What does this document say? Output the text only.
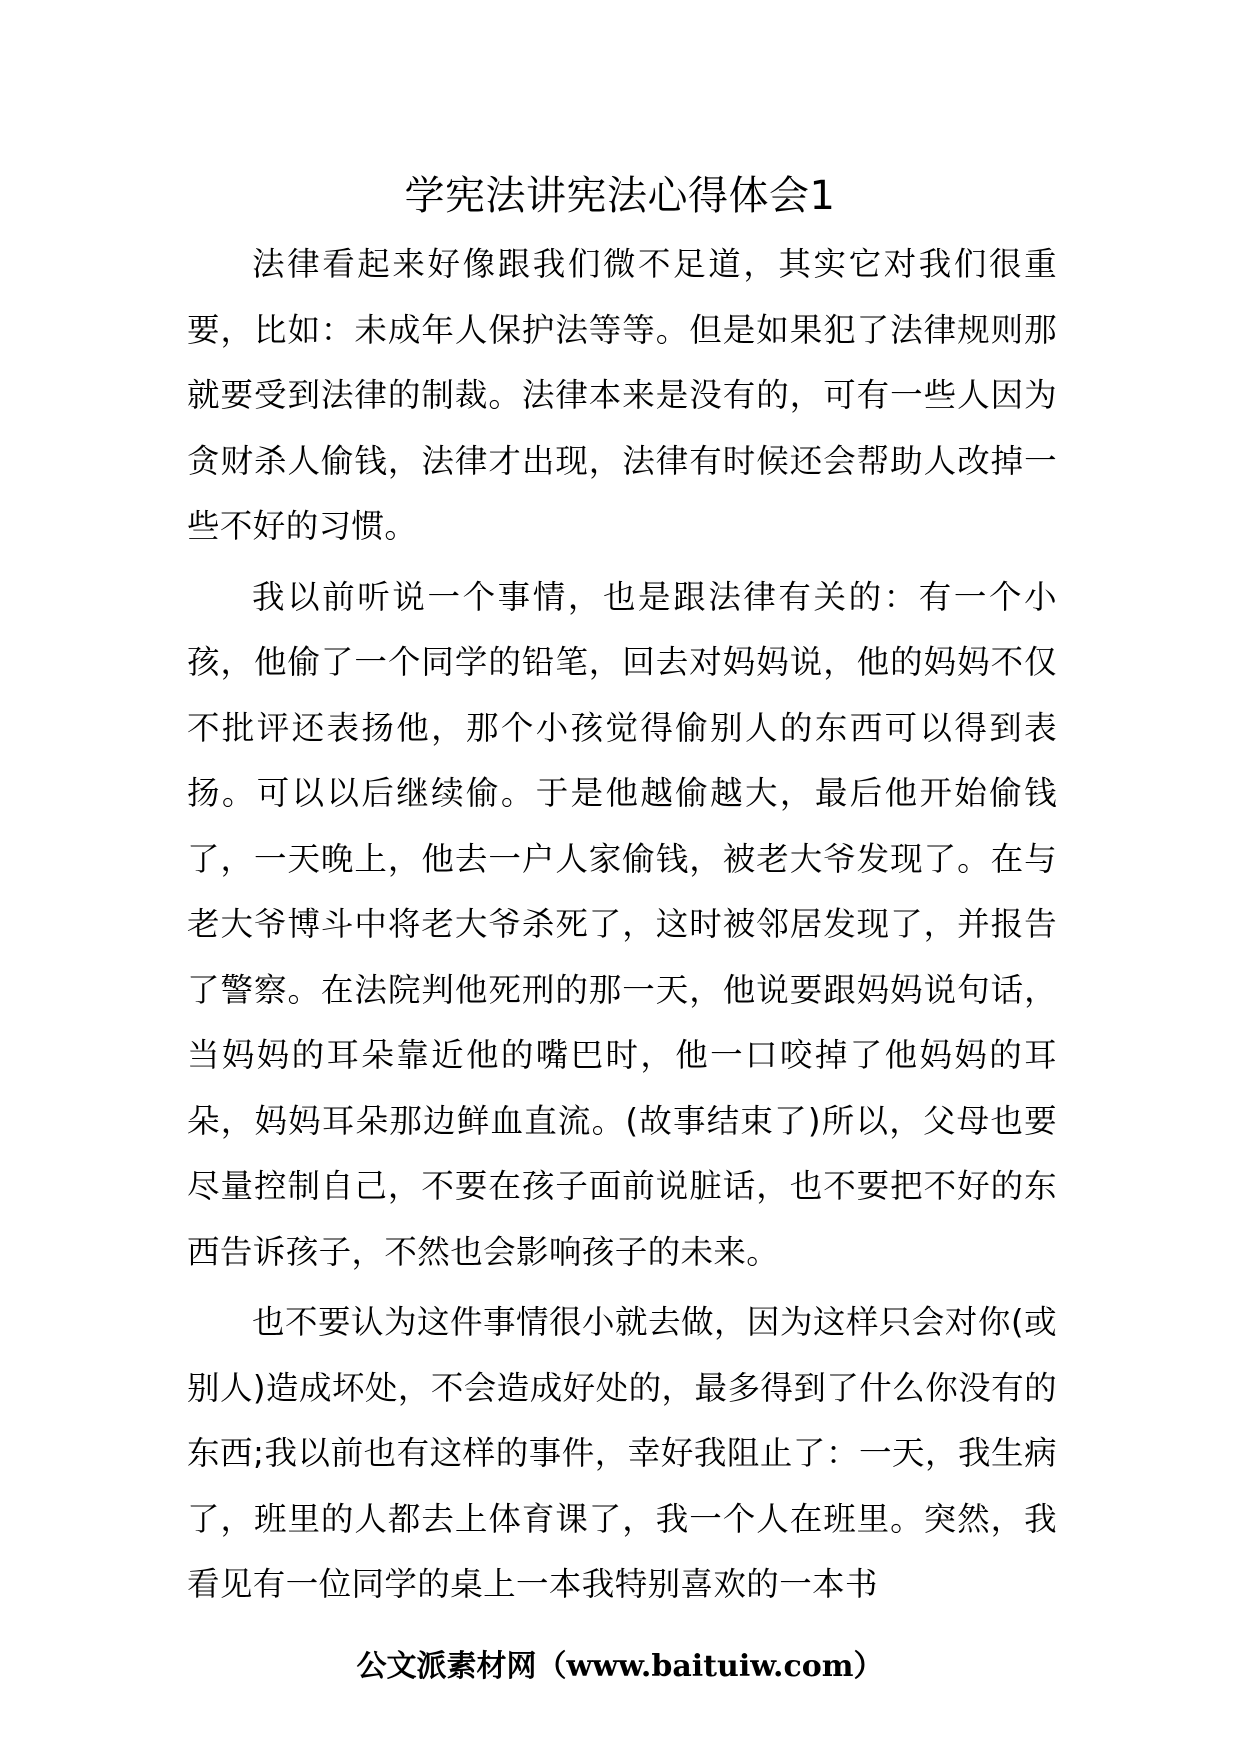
学宪法讲宪法心得体会1

法律看起来好像跟我们微不足道，其实它对我们很重要，比如：未成年人保护法等等。但是如果犯了法律规则那就要受到法律的制裁。法律本来是没有的，可有一些人因为贪财杀人偷钱，法律才出现，法律有时候还会帮助人改掉一些不好的习惯。

我以前听说一个事情，也是跟法律有关的：有一个小孩，他偷了一个同学的铅笔，回去对妈妈说，他的妈妈不仅不批评还表扬他，那个小孩觉得偷别人的东西可以得到表扬。可以以后继续偷。于是他越偷越大，最后他开始偷钱了，一天晚上，他去一户人家偷钱，被老大爷发现了。在与老大爷博斗中将老大爷杀死了，这时被邻居发现了，并报告了警察。在法院判他死刑的那一天，他说要跟妈妈说句话，当妈妈的耳朵靠近他的嘴巴时，他一口咬掉了他妈妈的耳朵，妈妈耳朵那边鲜血直流。(故事结束了)所以，父母也要尽量控制自己，不要在孩子面前说脏话，也不要把不好的东西告诉孩子，不然也会影响孩子的未来。

也不要认为这件事情很小就去做，因为这样只会对你(或别人)造成坏处，不会造成好处的，最多得到了什么你没有的东西;我以前也有这样的事件，幸好我阻止了：一天，我生病了，班里的人都去上体育课了，我一个人在班里。突然，我看见有一位同学的桌上一本我特别喜欢的一本书

公文派素材网（www.baituiw.com）
